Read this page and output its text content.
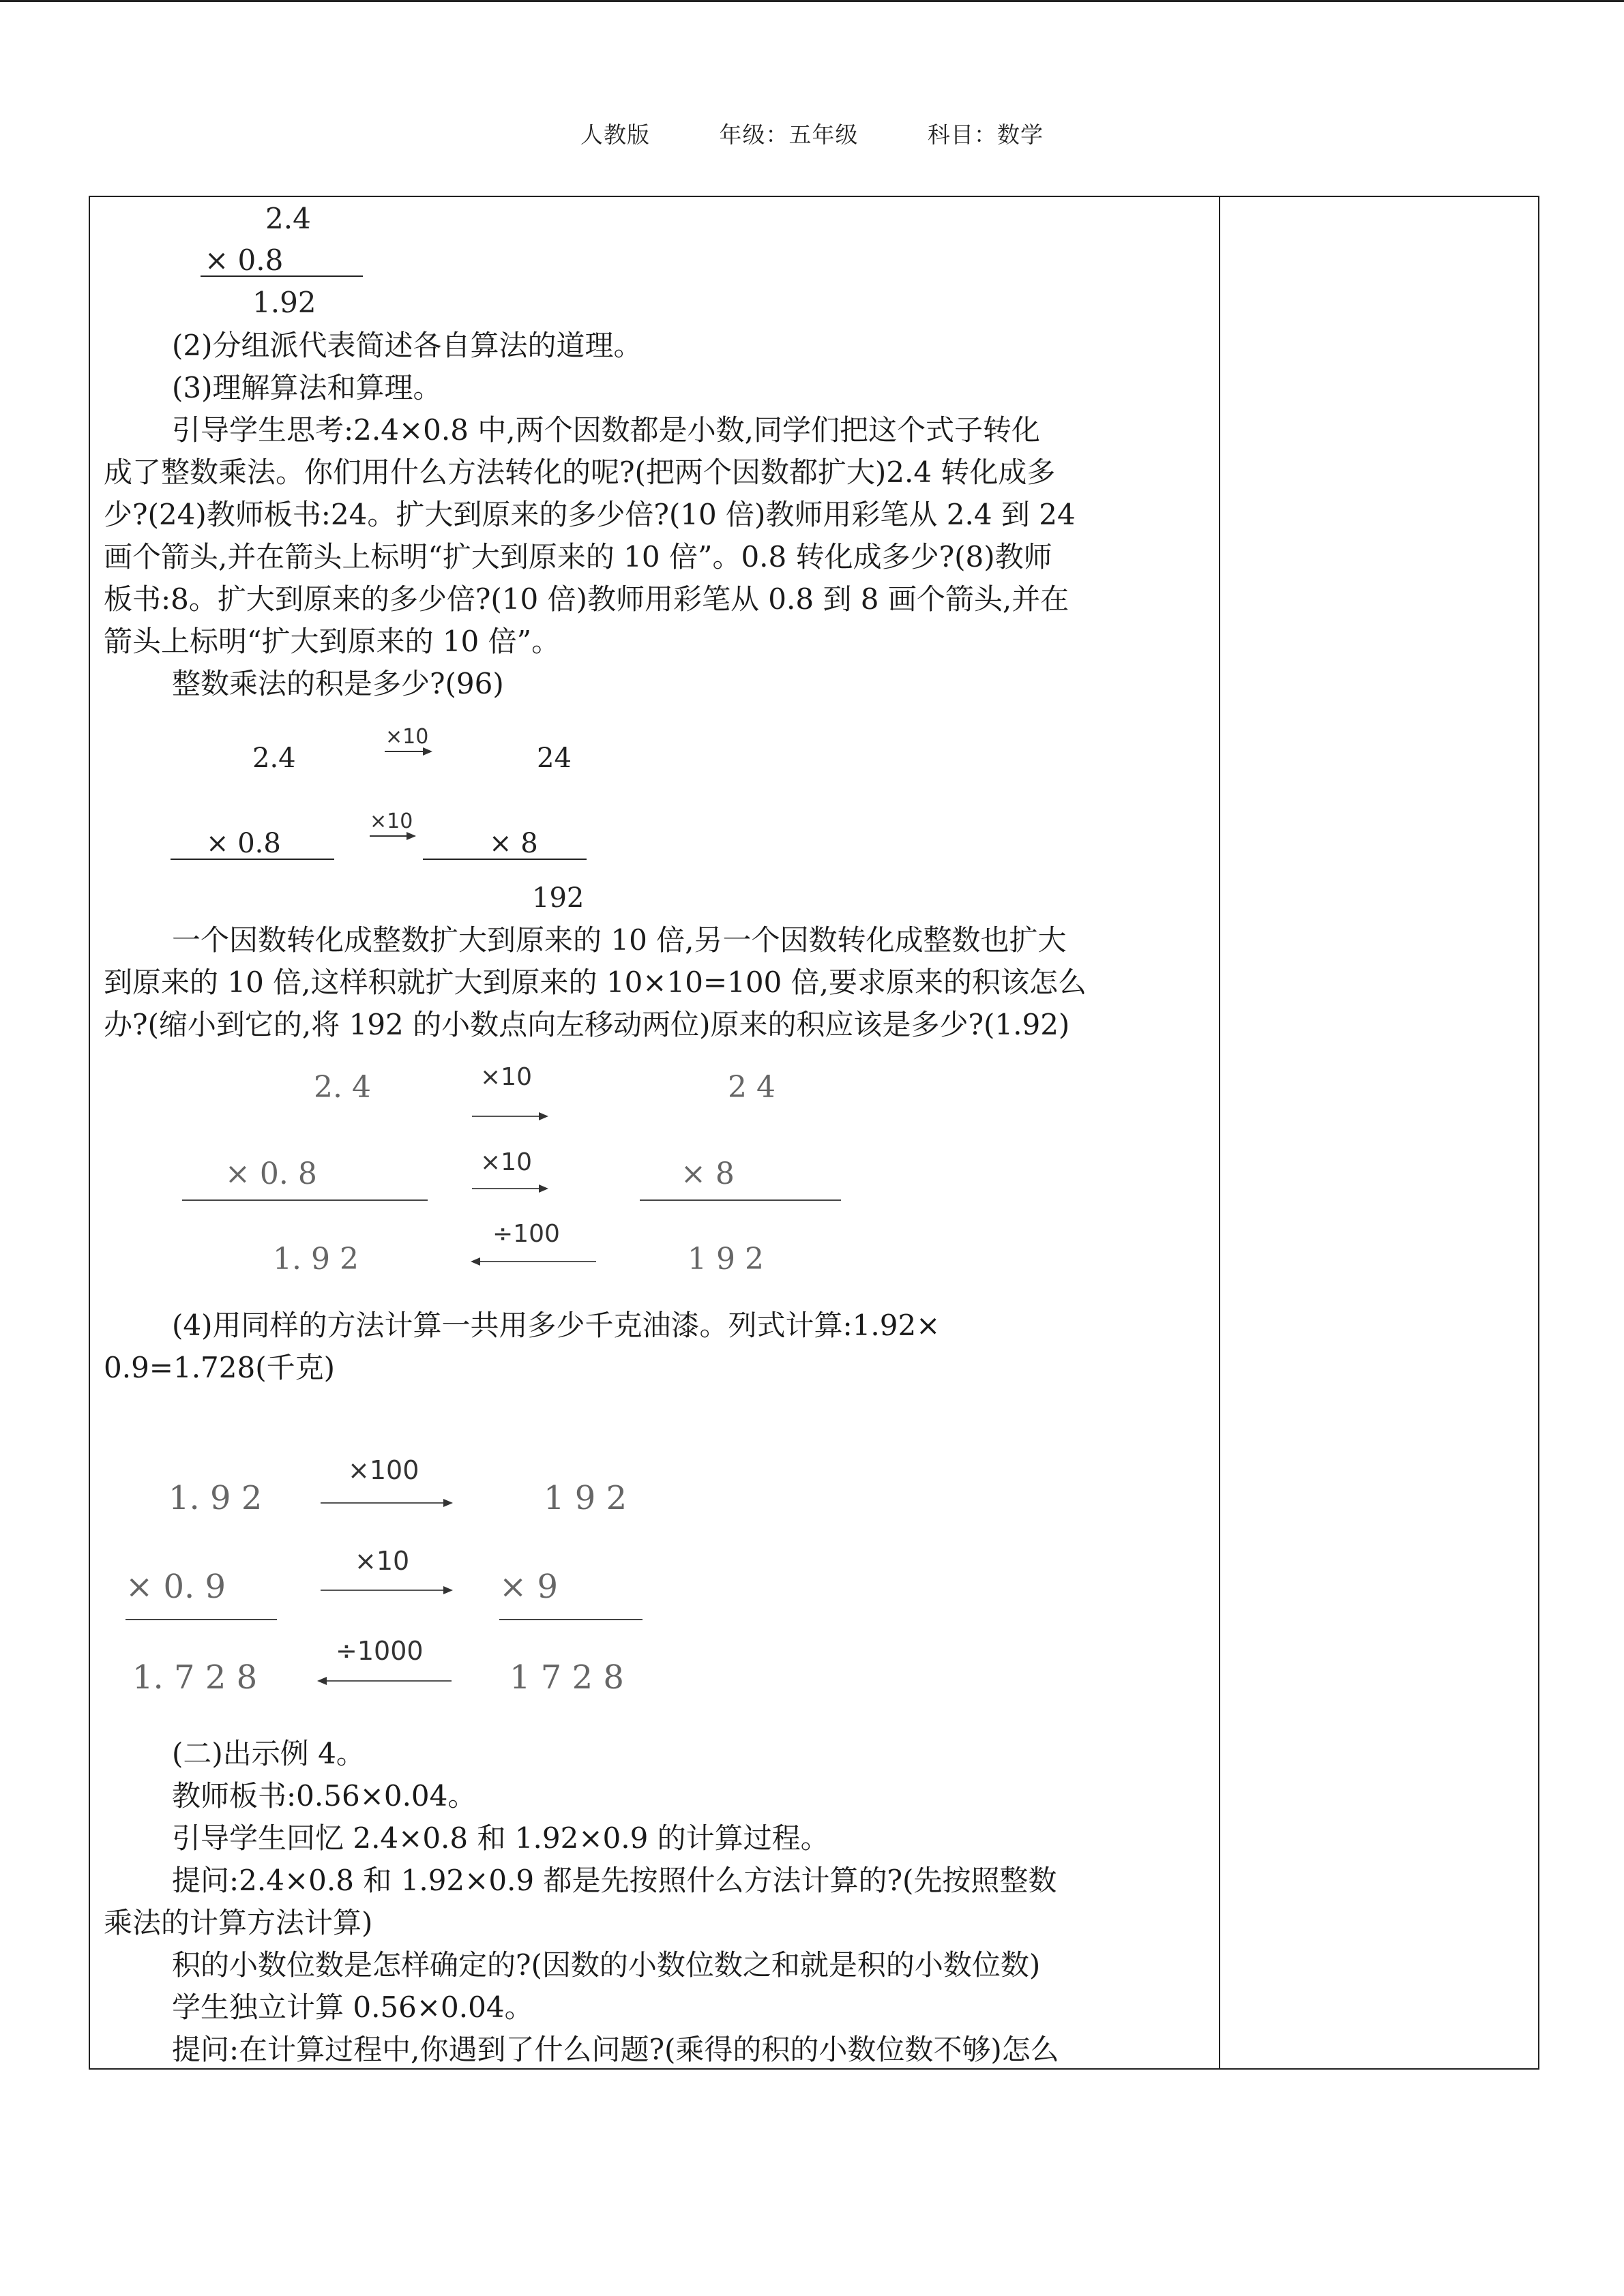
人教版	年级：五年级	科目：数学
2.4
× 0.8
1.92
(2)分组派代表简述各自算法的道理。
(3)理解算法和算理。
引导学生思考:2.4×0.8 中,两个因数都是小数,同学们把这个式子转化
成了整数乘法。你们用什么方法转化的呢?(把两个因数都扩大)2.4 转化成多
少?(24)教师板书:24。扩大到原来的多少倍?(10 倍)教师用彩笔从 2.4 到 24
画个箭头,并在箭头上标明“扩大到原来的 10 倍”。0.8 转化成多少?(8)教师
板书:8。扩大到原来的多少倍?(10 倍)教师用彩笔从 0.8 到 8 画个箭头,并在
箭头上标明“扩大到原来的 10 倍”。
整数乘法的积是多少?(96)
2.4
×10
24
× 0.8
×10
× 8
192
一个因数转化成整数扩大到原来的 10 倍,另一个因数转化成整数也扩大
到原来的 10 倍,这样积就扩大到原来的 10×10=100 倍,要求原来的积该怎么
办?(缩小到它的,将 192 的小数点向左移动两位)原来的积应该是多少?(1.92)
2. 4	×10	2 4
× 0. 8	×10	× 8
1. 9 2
÷100
1 9 2
(4)用同样的方法计算一共用多少千克油漆。列式计算:1.92×
0.9=1.728(千克)
1. 9 2
×100
1 9 2
× 0. 9
×10
× 9
1. 7 2 8
÷1000
1 7 2 8
(二)出示例 4。
教师板书:0.56×0.04。
引导学生回忆 2.4×0.8 和 1.92×0.9 的计算过程。
提问:2.4×0.8 和 1.92×0.9 都是先按照什么方法计算的?(先按照整数
乘法的计算方法计算)
积的小数位数是怎样确定的?(因数的小数位数之和就是积的小数位数)
学生独立计算 0.56×0.04。
提问:在计算过程中,你遇到了什么问题?(乘得的积的小数位数不够)怎么
